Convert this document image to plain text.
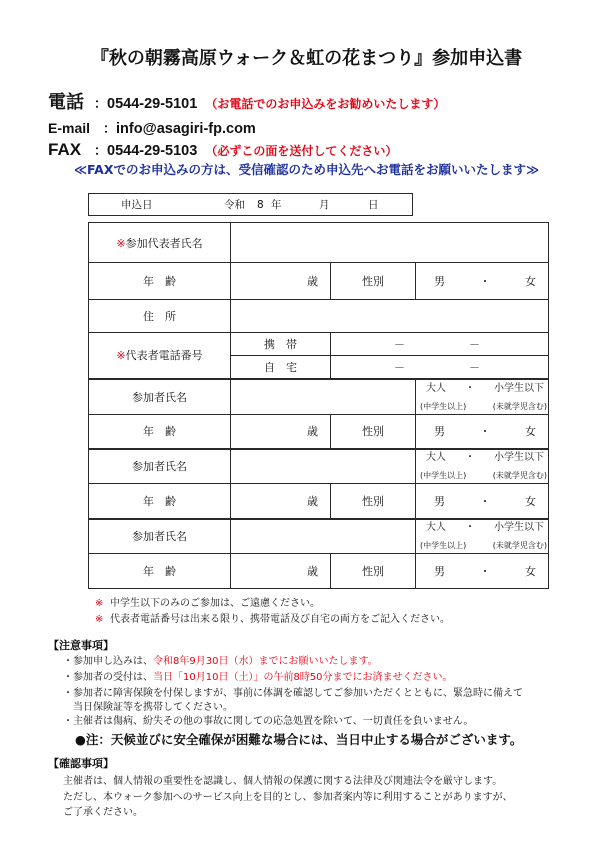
『秋の朝霧高原ウォーク＆虹の花まつり』参加申込書
電話 ： 0544-29-5101 （お電話でのお申込みをお勧めいたします）
E-mail ： info@asagiri-fp.com
FAX ： 0544-29-5103 （必ずこの面を送付してください）
≪FAXでのお申込みの方は、受信確認のため申込先へお電話をお願いいたします≫
申込日	令和 8 年	月	日
※参加代表者氏名			
年　齢	歳	性別	男 ・ 女

住　所			
※代表者電話番号	携　帯	－ －	

	自　宅	－ －	

参加者氏名			大人 ・ 小学生以下
(中学生以上) (未就学児含む)

年　齢	歳	性別	男 ・ 女

参加者氏名			大人 ・ 小学生以下
(中学生以上) (未就学児含む)

年　齢	歳	性別	男 ・ 女

参加者氏名			大人 ・ 小学生以下
(中学生以上) (未就学児含む)

年　齢	歳	性別	男 ・ 女
※ 中学生以下のみのご参加は、ご遠慮ください。
※ 代表者電話番号は出来る限り、携帯電話及び自宅の両方をご記入ください。
【注意事項】
・参加申し込みは、令和8年9月30日（水）までにお願いいたします。
・参加者の受付は、当日「10月10日（土）」の午前8時50分までにお済ませください。
・参加者に障害保険を付保しますが、事前に体調を確認してご参加いただくとともに、緊急時に備えて
当日保険証等を携帯してください。
・主催者は傷病、紛失その他の事故に関しての応急処置を除いて、一切責任を負いません。
●注：天候並びに安全確保が困難な場合には、当日中止する場合がございます。
【確認事項】
主催者は、個人情報の重要性を認識し、個人情報の保護に関する法律及び関連法令を厳守します。
ただし、本ウォーク参加へのサービス向上を目的とし、参加者案内等に利用することがありますが、
ご了承ください。
